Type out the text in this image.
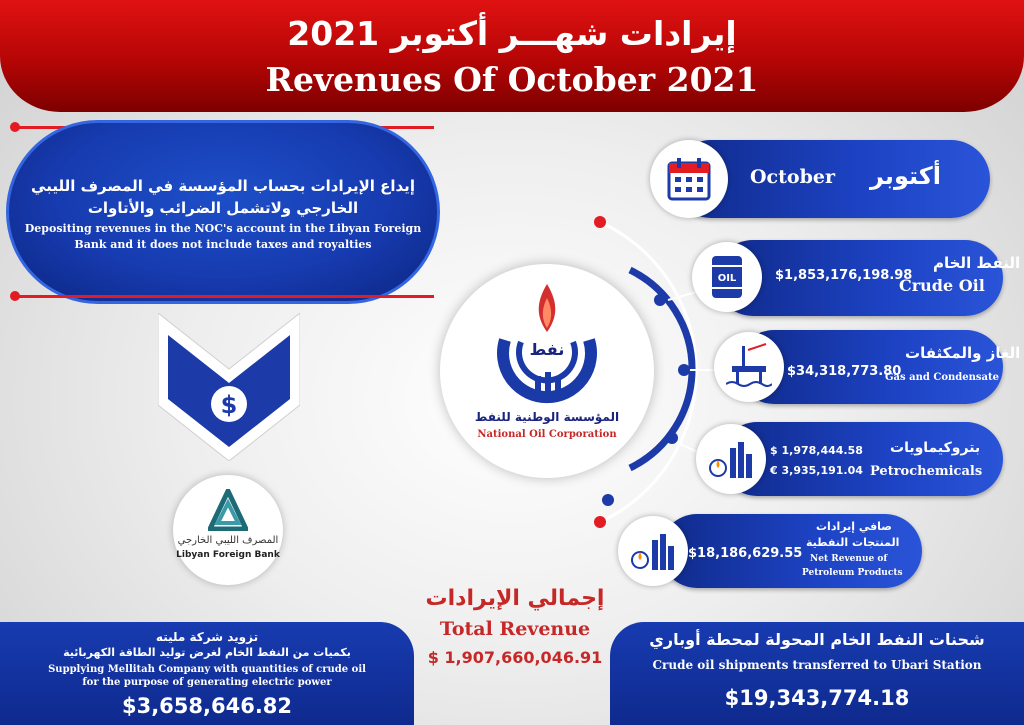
إيرادات شهـــر أكتوبر 2021
Revenues Of October 2021
إيداع الإيرادات بحساب المؤسسة في المصرف الليبي الخارجي ولاتشمل الضرائب والأتاوات
Depositing revenues in the NOC's account in the Libyan Foreign Bank and it does not include taxes and royalties
$
المصرف الليبي الخارجي
Libyan Foreign Bank
نفط
المؤسسة الوطنية للنفط
National Oil Corporation
October أكتوبر
$1,853,176,198.98
النفط الخام
Crude Oil
OIL
$34,318,773.80
الغاز والمكثفات
Gas and Condensate
$ 1,978,444.58
€ 3,935,191.04
بتروكيماويات
Petrochemicals
$18,186,629.55
صافي إيرادات
المنتجات النفطية
Net Revenue of
Petroleum Products
إجمالي الإيرادات
Total Revenue
$ 1,907,660,046.91
تزويد شركة مليته
بكميات من النفط الخام لغرض توليد الطاقة الكهربائية
Supplying Mellitah Company with quantities of crude oil
for the purpose of generating electric power
$3,658,646.82
شحنات النفط الخام المحولة لمحطة أوباري
Crude oil shipments transferred to Ubari Station
$19,343,774.18
